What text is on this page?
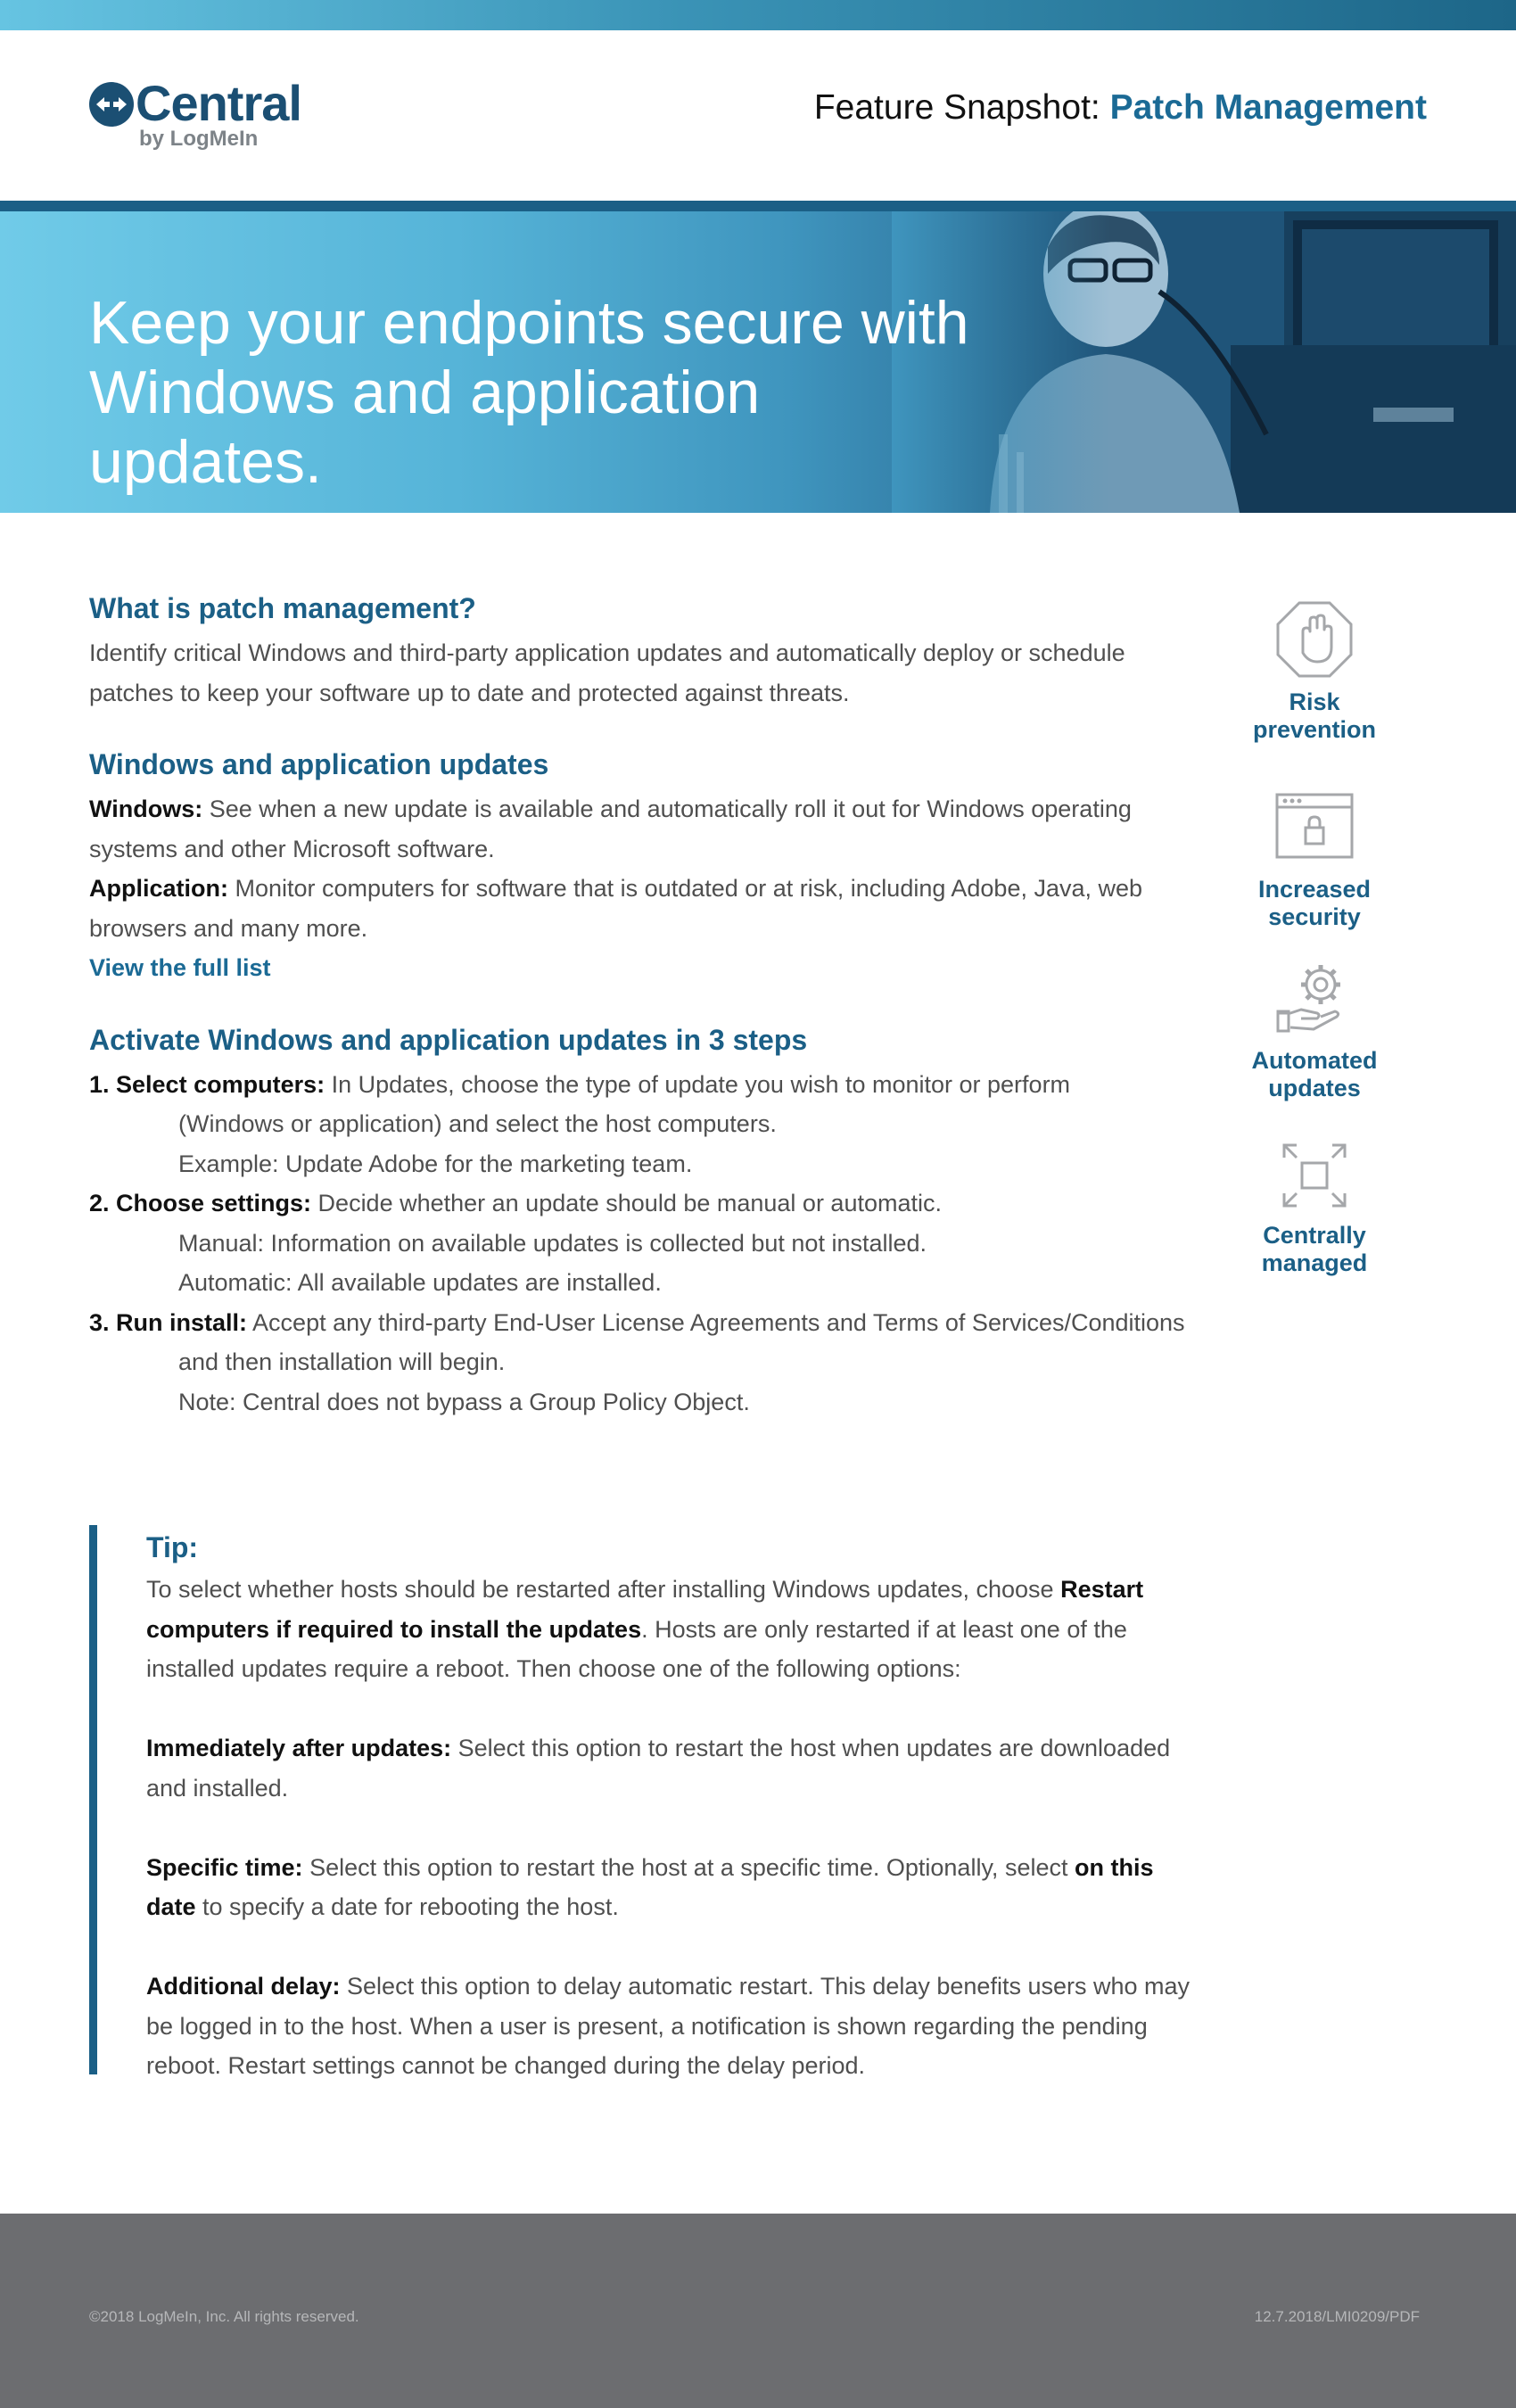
Central
by LogMeIn
Feature Snapshot: Patch Management
Keep your endpoints secure with
Windows and application updates.
What is patch management?
Identify critical Windows and third-party application updates and automatically deploy or schedule
patches to keep your software up to date and protected against threats.
Windows and application updates
Windows: See when a new update is available and automatically roll it out for Windows operating
systems and other Microsoft software.
Application: Monitor computers for software that is outdated or at risk, including Adobe, Java, web
browsers and many more.
View the full list
Activate Windows and application updates in 3 steps
1. Select computers: In Updates, choose the type of update you wish to monitor or perform
(Windows or application) and select the host computers.
Example: Update Adobe for the marketing team.
2. Choose settings: Decide whether an update should be manual or automatic.
Manual: Information on available updates is collected but not installed.
Automatic: All available updates are installed.
3. Run install: Accept any third-party End-User License Agreements and Terms of Services/Conditions
and then installation will begin.
Note: Central does not bypass a Group Policy Object.
Tip:
To select whether hosts should be restarted after installing Windows updates, choose Restart
computers if required to install the updates. Hosts are only restarted if at least one of the
installed updates require a reboot. Then choose one of the following options:
Immediately after updates: Select this option to restart the host when updates are downloaded
and installed.
Specific time: Select this option to restart the host at a specific time. Optionally, select on this
date to specify a date for rebooting the host.
Additional delay: Select this option to delay automatic restart. This delay benefits users who may
be logged in to the host. When a user is present, a notification is shown regarding the pending
reboot. Restart settings cannot be changed during the delay period.
Risk
prevention
Increased
security
Automated
updates
Centrally
managed
©2018 LogMeIn, Inc. All rights reserved.	12.7.2018/LMI0209/PDF
